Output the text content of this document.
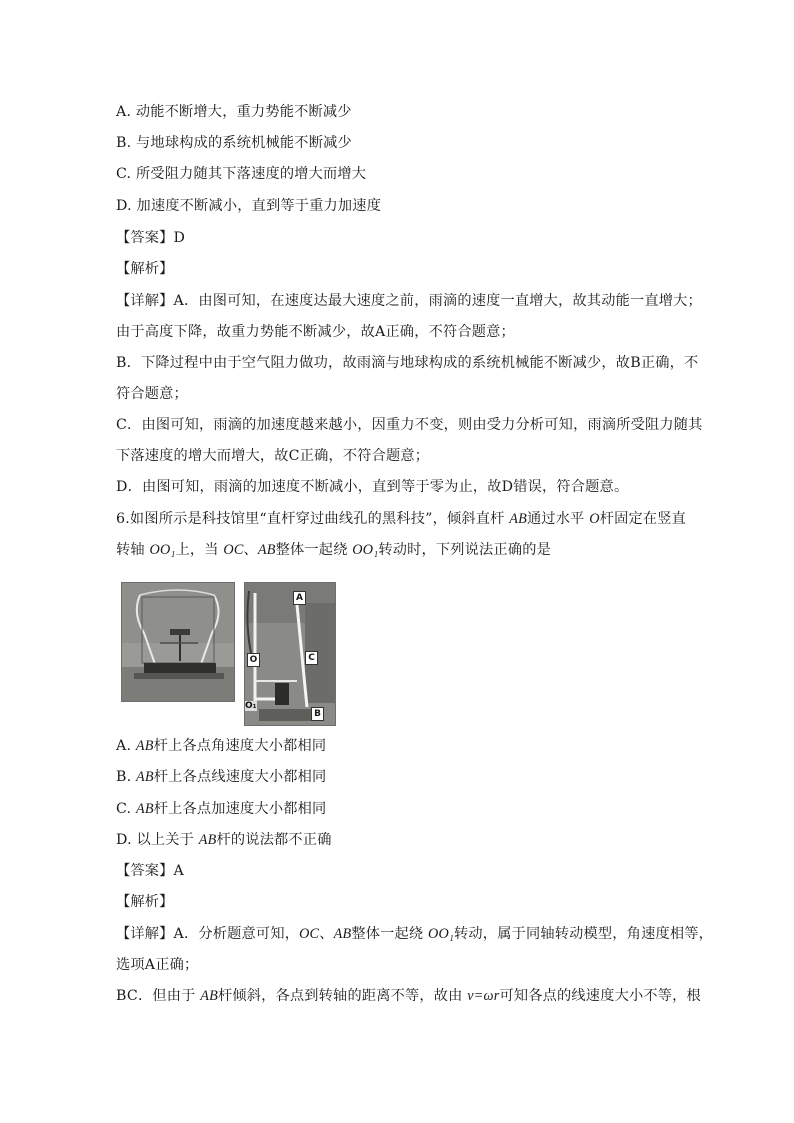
A. 动能不断增大，重力势能不断减少
B. 与地球构成的系统机械能不断减少
C. 所受阻力随其下落速度的增大而增大
D. 加速度不断减小，直到等于重力加速度
【答案】D
【解析】
【详解】A．由图可知，在速度达最大速度之前，雨滴的速度一直增大，故其动能一直增大；
由于高度下降，故重力势能不断减少，故A正确，不符合题意；
B．下降过程中由于空气阻力做功，故雨滴与地球构成的系统机械能不断减少，故B正确，不
符合题意；
C．由图可知，雨滴的加速度越来越小，因重力不变，则由受力分析可知，雨滴所受阻力随其
下落速度的增大而增大，故C正确，不符合题意；
D．由图可知，雨滴的加速度不断减小，直到等于零为止，故D错误，符合题意。
6.如图所示是科技馆里“直杆穿过曲线孔的黑科技”，倾斜直杆 AB通过水平 O杆固定在竖直
转轴 OO₁上，当 OC、AB整体一起绕 OO₁转动时，下列说法正确的是
A
C
O
O₁
B
A. AB杆上各点角速度大小都相同
B. AB杆上各点线速度大小都相同
C. AB杆上各点加速度大小都相同
D. 以上关于 AB杆的说法都不正确
【答案】A
【解析】
【详解】A．分析题意可知，OC、AB整体一起绕 OO₁转动，属于同轴转动模型，角速度相等，
选项A正确；
BC．但由于 AB杆倾斜，各点到转轴的距离不等，故由 v=ωr可知各点的线速度大小不等，根
